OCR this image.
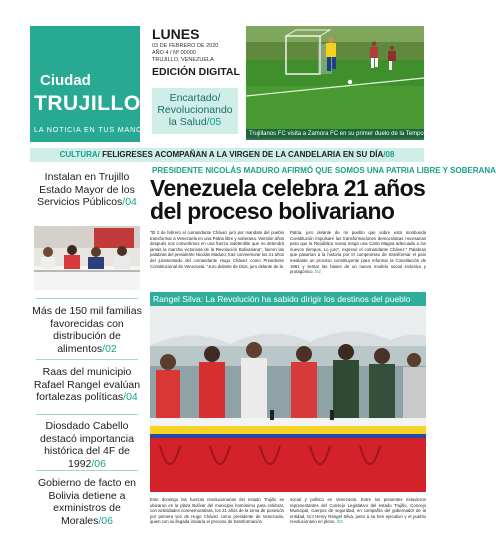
Ciudad
TRUJILLO
LA NOTICIA EN TUS MANOS
LUNES
03 DE FEBRERO DE 2020
AÑO 4 / Nº 00000
TRUJILLO, VENEZUELA
EDICIÓN DIGITAL
Encartado/ Revolucionando la Salud/05
Trujillanos FC visita a Zamora FC en su primer duelo de la Temporada 2020/08
CULTURA/ FELIGRESES ACOMPAÑAN A LA VIRGEN DE LA CANDELARIA EN SU DÍA/08
Instalan en Trujillo Estado Mayor de los Servicios Públicos/04
Más de 150 mil familias favorecidas con distribución de alimentos/02
Raas del municipio Rafael Rangel evalúan fortalezas políticas/04
Diosdado Cabello destacó importancia histórica del 4F de 1992/06
Gobierno de facto en Bolivia detiene a exministros de Morales/06
PRESIDENTE NICOLÁS MADURO AFIRMÓ QUE SOMOS UNA PATRIA LIBRE Y SOBERANA
Venezuela celebra 21 años del proceso bolivariano
"El 2 de febrero el comandante Chávez juró por mandato del pueblo transformar a Venezuela en una Patria libre y soberana. Veintiún años después nos convertimos en una fuerza indetenible que no detendrá jamás la marcha victoriosa de la Revolución Bolivariana", fueron las palabras del presidente Nicolás Maduro, tras conmemorar los 21 años del juramentado del comandante Hugo Chávez como Presidente Constitucional de Venezuela. "Juro delante de Dios, juro delante de la
Patria, juro delante de mi pueblo que sobre esta moribunda Constitución impulsaré las transformaciones democráticas necesarias para que la República nueva tenga una Carta Magna adecuada a los nuevos tiempos. Lo juro", expresó el comandante Chávez." Palabras que pasarían a la historia por el compromiso de transformar el país mediante un proceso constituyente para reformar la Constitución de 1961 y sentar las bases de un nuevo modelo social inclusivo y protagónico. /02
Rangel Silva: La Revolución ha sabido dirigir los destinos del pueblo
Este domingo las fuerzas revolucionarias del estado Trujillo se ubicaron en la plaza Bolívar del municipio homónimo para celebrar, con actividades conmemorativas, los 21 años de la toma de posesión por primera vez de Hugo Chávez como presidente de Venezuela, quien con su llegada iniciaría el proceso de transformación
social y político en Venezuela. Entre los presentes estuvieron representantes del Consejo Legislativo del estado Trujillo, Concejo Municipal, cuerpos de seguridad, en compañía del gobernador de la entidad, G/J Henry Rangel Silva, junto a su tren ejecutivo y el pueblo revolucionario en pleno. /03
